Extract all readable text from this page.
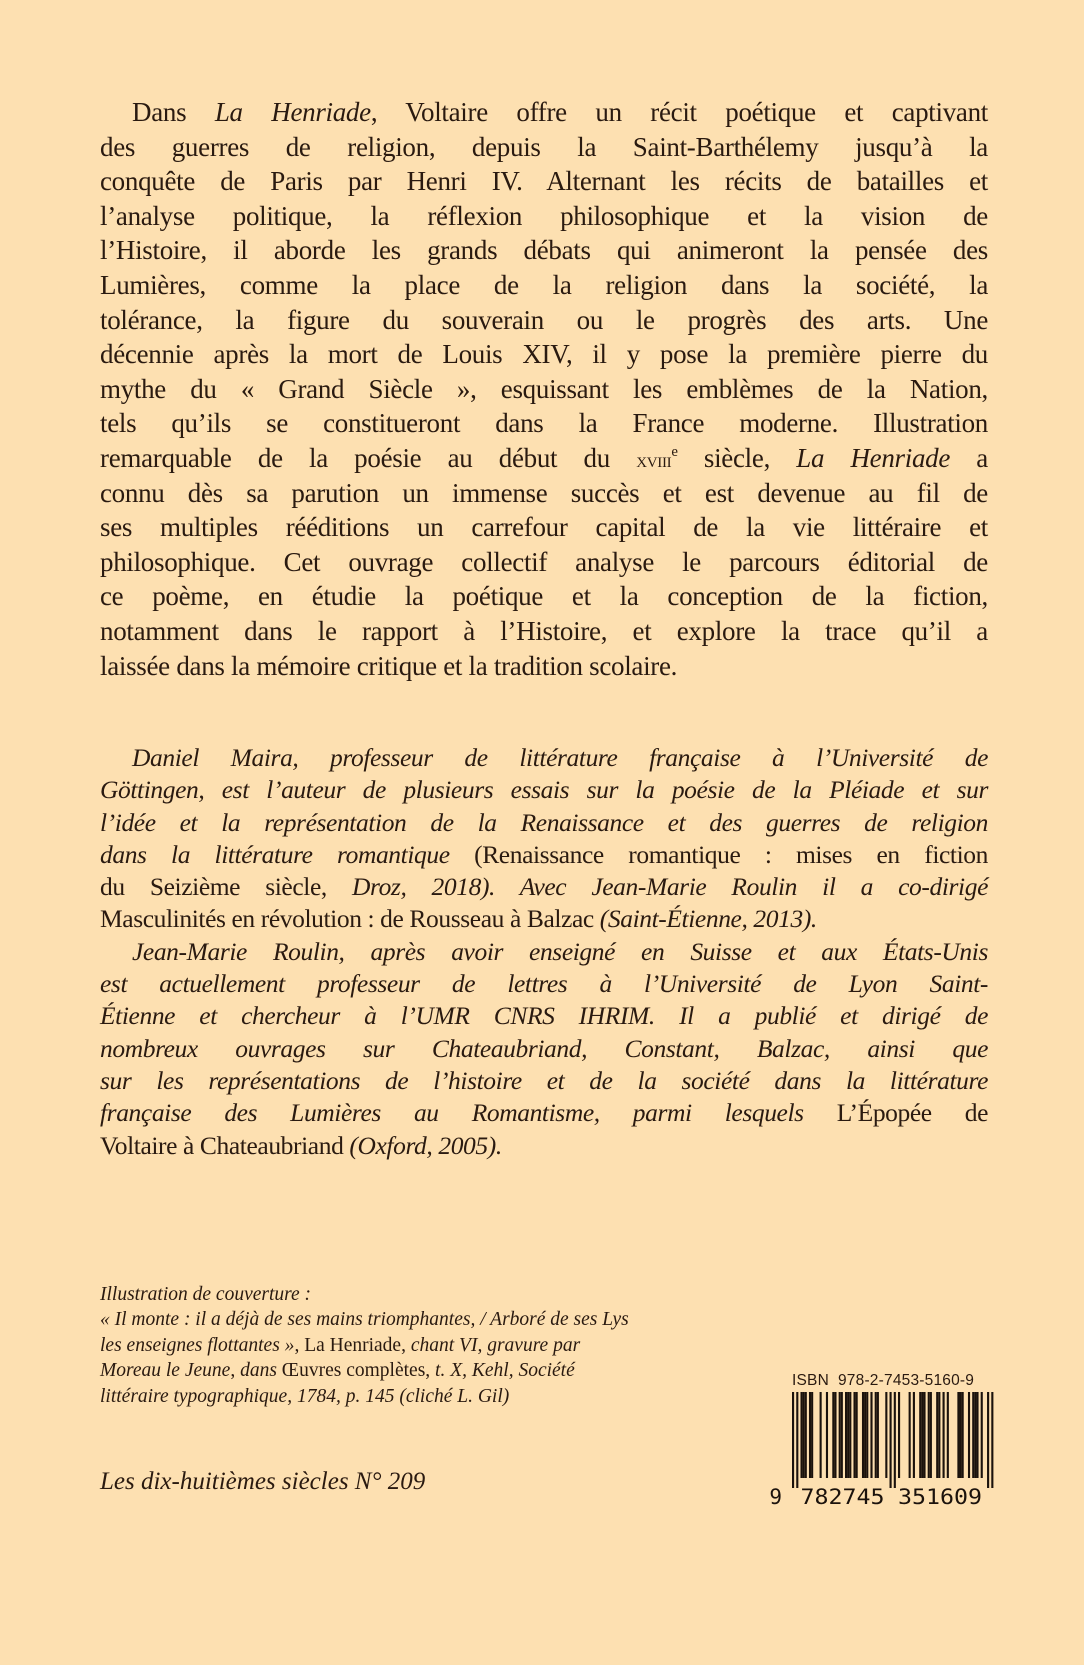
Dans La Henriade, Voltaire offre un récit poétique et captivant
des guerres de religion, depuis la Saint-Barthélemy jusqu’à la
conquête de Paris par Henri IV. Alternant les récits de batailles et
l’analyse politique, la réflexion philosophique et la vision de
l’Histoire, il aborde les grands débats qui animeront la pensée des
Lumières, comme la place de la religion dans la société, la
tolérance, la figure du souverain ou le progrès des arts. Une
décennie après la mort de Louis XIV, il y pose la première pierre du
mythe du « Grand Siècle », esquissant les emblèmes de la Nation,
tels qu’ils se constitueront dans la France moderne. Illustration
remarquable de la poésie au début du xviii$^e$ siècle, La Henriade a
connu dès sa parution un immense succès et est devenue au fil de
ses multiples rééditions un carrefour capital de la vie littéraire et
philosophique. Cet ouvrage collectif analyse le parcours éditorial de
ce poème, en étudie la poétique et la conception de la fiction,
notamment dans le rapport à l’Histoire, et explore la trace qu’il a
laissée dans la mémoire critique et la tradition scolaire.
Daniel Maira, professeur de littérature française à l’Université de
Göttingen, est l’auteur de plusieurs essais sur la poésie de la Pléiade et sur
l’idée et la représentation de la Renaissance et des guerres de religion
dans la littérature romantique (Renaissance romantique : mises en fiction
du Seizième siècle, Droz, 2018). Avec Jean-Marie Roulin il a co-dirigé
Masculinités en révolution : de Rousseau à Balzac (Saint-Étienne, 2013).
Jean-Marie Roulin, après avoir enseigné en Suisse et aux États-Unis
est actuellement professeur de lettres à l’Université de Lyon Saint-
Étienne et chercheur à l’UMR CNRS IHRIM. Il a publié et dirigé de
nombreux ouvrages sur Chateaubriand, Constant, Balzac, ainsi que
sur les représentations de l’histoire et de la société dans la littérature
française des Lumières au Romantisme, parmi lesquels L’Épopée de
Voltaire à Chateaubriand (Oxford, 2005).
Illustration de couverture :
« Il monte : il a déjà de ses mains triomphantes, / Arboré de ses Lys
les enseignes flottantes », La Henriade, chant VI, gravure par
Moreau le Jeune, dans Œuvres complètes, t. X, Kehl, Société
littéraire typographique, 1784, p. 145 (cliché L. Gil)
Les dix-huitièmes siècles N° 209
ISBN  978-2-7453-5160-9
9 782745 351609
